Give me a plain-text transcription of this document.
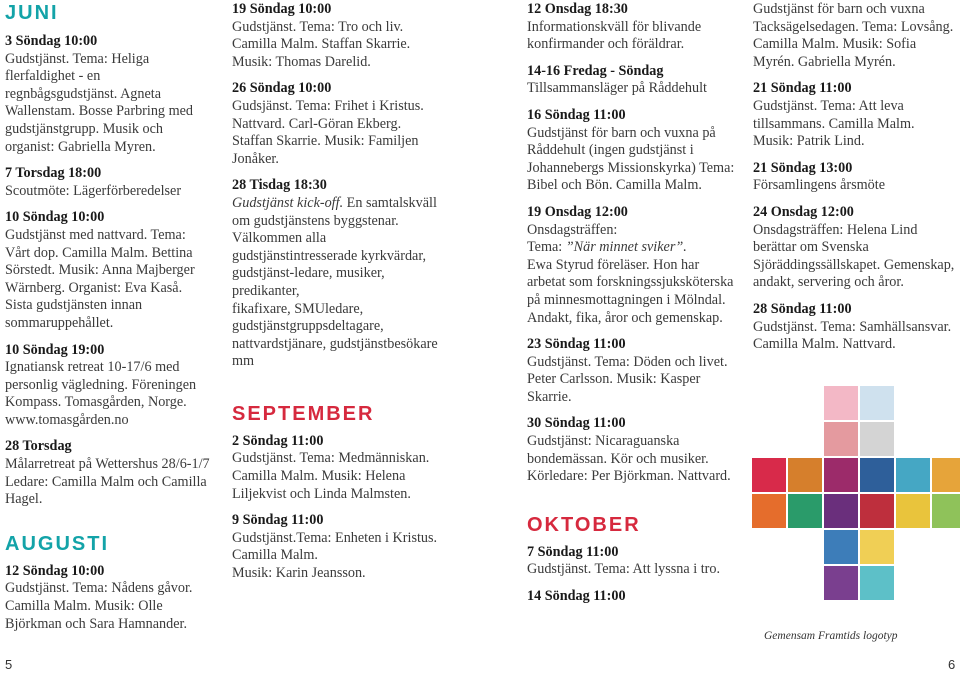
JUNI

3 Söndag 10:00

Gudstjänst. Tema: Heliga flerfaldighet - en regnbågsgudstjänst. Agneta Wallenstam. Bosse Parbring med gudstjänstgrupp. Musik och organist: Gabriella Myren.

7 Torsdag 18:00

Scoutmöte: Lägerförberedelser

10 Söndag 10:00

Gudstjänst med nattvard. Tema: Vårt dop. Camilla Malm. Bettina Sörstedt. Musik: Anna Majberger Wärnberg. Organist: Eva Kaså. Sista gudstjänsten innan sommaruppehållet.

10 Söndag 19:00

Ignatiansk retreat 10-17/6 med personlig vägledning. Föreningen Kompass. Tomasgården, Norge. www.tomasgården.no

28 Torsdag

Målarretreat på Wettershus 28/6-1/7 Ledare: Camilla Malm och Camilla Hagel.

AUGUSTI

12 Söndag 10:00

Gudstjänst. Tema: Nådens gåvor. Camilla Malm. Musik: Olle Björkman och Sara Hamnander.

19 Söndag 10:00

Gudstjänst. Tema: Tro och liv. Camilla Malm. Staffan Skarrie. Musik: Thomas Darelid.

26 Söndag 10:00

Gudsjänst. Tema: Frihet i Kristus. Nattvard. Carl-Göran Ekberg. Staffan Skarrie. Musik: Familjen Jonåker.

28 Tisdag 18:30

Gudstjänst kick-off. En samtalskväll om gudstjänstens byggstenar.

Välkommen alla gudstjänstintresserade kyrkvärdar, gudstjänst-ledare, musiker, predikanter,

fikafixare, SMUledare, gudstjänstgruppsdeltagare, nattvardstjänare, gudstjänstbesökare mm

SEPTEMBER

2 Söndag 11:00

Gudstjänst. Tema: Medmänniskan. Camilla Malm. Musik: Helena Liljekvist och Linda Malmsten.

9 Söndag 11:00

Gudstjänst.Tema: Enheten i Kristus. Camilla Malm.

Musik: Karin Jeansson.

12 Onsdag 18:30

Informationskväll för blivande konfirmander och föräldrar.

14-16 Fredag - Söndag

Tillsammansläger på Råddehult

16 Söndag 11:00

Gudstjänst för barn och vuxna på Råddehult (ingen gudstjänst i Johannebergs Missionskyrka) Tema: Bibel och Bön. Camilla Malm.

19 Onsdag 12:00

Onsdagsträffen:

Tema: ”När minnet sviker”.

Ewa Styrud föreläser. Hon har arbetat som forskningssjuksköterska på minnesmottagningen i Mölndal. Andakt, fika, åror och gemenskap.

23 Söndag 11:00

Gudstjänst. Tema: Döden och livet. Peter Carlsson. Musik: Kasper Skarrie.

30 Söndag 11:00

Gudstjänst: Nicaraguanska bondemässan. Kör och musiker. Körledare: Per Björkman. Nattvard.

OKTOBER

7 Söndag 11:00

Gudstjänst. Tema: Att lyssna i tro.

14 Söndag 11:00

Gudstjänst för barn och vuxna Tacksägelsedagen. Tema: Lovsång. Camilla Malm. Musik: Sofia Myrén. Gabriella Myrén.

21 Söndag 11:00

Gudstjänst. Tema: Att leva tillsammans. Camilla Malm. Musik: Patrik Lind.

21 Söndag 13:00

Församlingens årsmöte

24 Onsdag 12:00

Onsdagsträffen: Helena Lind berättar om Svenska Sjöräddingssällskapet. Gemenskap, andakt, servering och åror.

28 Söndag 11:00

Gudstjänst. Tema: Samhällsansvar. Camilla Malm. Nattvard.

Gemensam Framtids logotyp
5	6
